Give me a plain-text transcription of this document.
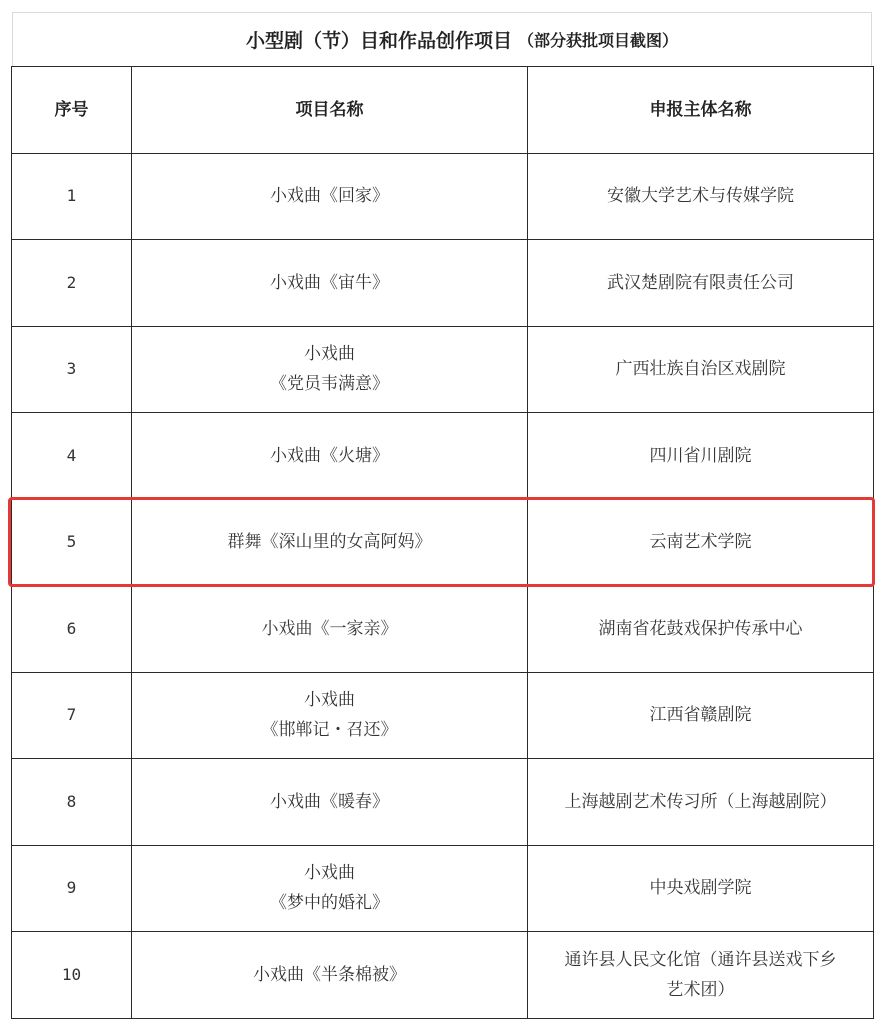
小型剧（节）目和作品创作项目 （部分获批项目截图）
序号	项目名称	申报主体名称
1	小戏曲《回家》	安徽大学艺术与传媒学院

2	小戏曲《宙牛》	武汉楚剧院有限责任公司

3	小戏曲
《党员韦满意》	广西壮族自治区戏剧院

4	小戏曲《火塘》	四川省川剧院

5	群舞《深山里的女高阿妈》	云南艺术学院

6	小戏曲《一家亲》	湖南省花鼓戏保护传承中心

7	小戏曲
《邯郸记・召还》	江西省赣剧院

8	小戏曲《暖春》	上海越剧艺术传习所（上海越剧院）

9	小戏曲
《梦中的婚礼》	中央戏剧学院

10	小戏曲《半条棉被》	通许县人民文化馆（通许县送戏下乡
艺术团）
